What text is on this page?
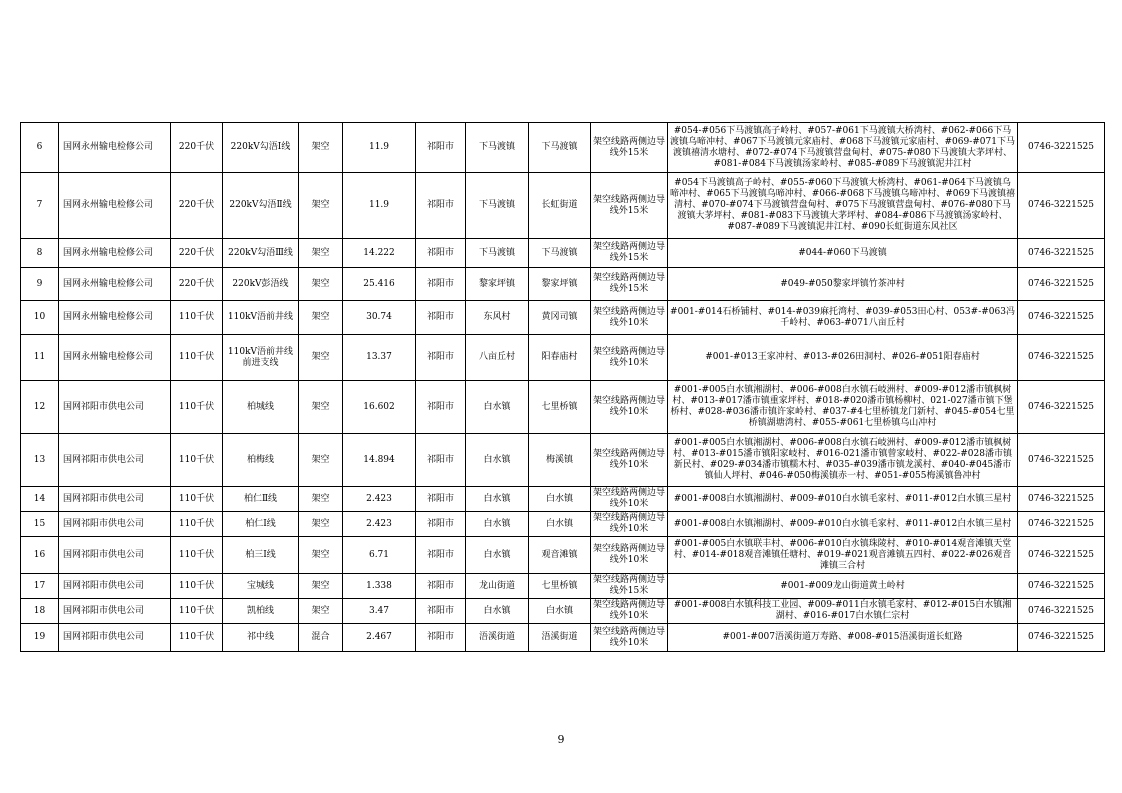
6	国网永州输电检修公司	220千伏	220kV勾浯Ⅰ线	架空	11.9	祁阳市	下马渡镇	下马渡镇	架空线路两侧边导线外15米	#054-#056下马渡镇高子岭村、#057-#061下马渡镇大桥湾村、#062-#066下马渡镇乌啼冲村、#067下马渡镇元家庙村、#068下马渡镇元家庙村、#069-#071下马渡镇禧清水塘村、#072-#074下马渡镇营盘甸村、#075-#080下马渡镇大茅坪村、#081-#084下马渡镇汤家岭村、#085-#089下马渡镇泥井江村	0746-3221525
7	国网永州输电检修公司	220千伏	220kV勾浯Ⅱ线	架空	11.9	祁阳市	下马渡镇	长虹街道	架空线路两侧边导线外15米	#054下马渡镇高子岭村、#055-#060下马渡镇大桥湾村、#061-#064下马渡镇乌啼冲村、#065下马渡镇乌啼冲村、#066-#068下马渡镇乌啼冲村、#069下马渡镇禧清村、#070-#074下马渡镇营盘甸村、#075下马渡镇营盘甸村、#076-#080下马渡镇大茅坪村、#081-#083下马渡镇大茅坪村、#084-#086下马渡镇汤家岭村、#087-#089下马渡镇泥井江村、#090长虹街道东风社区	0746-3221525
8	国网永州输电检修公司	220千伏	220kV勾浯Ⅲ线	架空	14.222	祁阳市	下马渡镇	下马渡镇	架空线路两侧边导线外15米	#044-#060下马渡镇	0746-3221525
9	国网永州输电检修公司	220千伏	220kV彭浯线	架空	25.416	祁阳市	黎家坪镇	黎家坪镇	架空线路两侧边导线外15米	#049-#050黎家坪镇竹茶冲村	0746-3221525
10	国网永州输电检修公司	110千伏	110kV浯前井线	架空	30.74	祁阳市	东风村	黄冈司镇	架空线路两侧边导线外10米	#001-#014石桥铺村、#014-#039麻托湾村、#039-#053田心村、053#-#063冯千岭村、#063-#071八亩丘村	0746-3221525
11	国网永州输电检修公司	110千伏	110kV浯前井线前进支线	架空	13.37	祁阳市	八亩丘村	阳春庙村	架空线路两侧边导线外10米	#001-#013王家冲村、#013-#026田洞村、#026-#051阳春庙村	0746-3221525
12	国网祁阳市供电公司	110千伏	柏城线	架空	16.602	祁阳市	白水镇	七里桥镇	架空线路两侧边导线外10米	#001-#005白水镇湘湖村、#006-#008白水镇石岐洲村、#009-#012潘市镇枫树村、#013-#017潘市镇重家坪村、#018-#020潘市镇杨柳村、021-027潘市镇下堡桥村、#028-#036潘市镇许家岭村、#037-#4七里桥镇龙门新村、#045-#054七里桥镇湖塘湾村、#055-#061七里桥镇乌山冲村	0746-3221525
13	国网祁阳市供电公司	110千伏	柏梅线	架空	14.894	祁阳市	白水镇	梅溪镇	架空线路两侧边导线外10米	#001-#005白水镇湘湖村、#006-#008白水镇石岐洲村、#009-#012潘市镇枫树村、#013-#015潘市镇阳家岐村、#016-021潘市镇曾家岐村、#022-#028潘市镇新民村、#029-#034潘市镇糯木村、#035-#039潘市镇龙溪村、#040-#045潘市镇仙人坪村、#046-#050梅溪镇赤一村、#051-#055梅溪镇鲁冲村	0746-3221525
14	国网祁阳市供电公司	110千伏	柏仁Ⅱ线	架空	2.423	祁阳市	白水镇	白水镇	架空线路两侧边导线外10米	#001-#008白水镇湘湖村、#009-#010白水镇毛家村、#011-#012白水镇三星村	0746-3221525
15	国网祁阳市供电公司	110千伏	柏仁Ⅰ线	架空	2.423	祁阳市	白水镇	白水镇	架空线路两侧边导线外10米	#001-#008白水镇湘湖村、#009-#010白水镇毛家村、#011-#012白水镇三星村	0746-3221525
16	国网祁阳市供电公司	110千伏	柏三Ⅰ线	架空	6.71	祁阳市	白水镇	观音滩镇	架空线路两侧边导线外10米	#001-#005白水镇联丰村、#006-#010白水镇珠陵村、#010-#014观音滩镇天堂村、#014-#018观音滩镇任塘村、#019-#021观音滩镇五四村、#022-#026观音滩镇三合村	0746-3221525
17	国网祁阳市供电公司	110千伏	宝城线	架空	1.338	祁阳市	龙山街道	七里桥镇	架空线路两侧边导线外15米	#001-#009龙山街道黄土岭村	0746-3221525
18	国网祁阳市供电公司	110千伏	凯柏线	架空	3.47	祁阳市	白水镇	白水镇	架空线路两侧边导线外10米	#001-#008白水镇科技工业园、#009-#011白水镇毛家村、#012-#015白水镇湘湖村、#016-#017白水镇仁宗村	0746-3221525
19	国网祁阳市供电公司	110千伏	祁中线	混合	2.467	祁阳市	浯溪街道	浯溪街道	架空线路两侧边导线外10米	#001-#007浯溪街道万寿路、#008-#015浯溪街道长虹路	0746-3221525
9
